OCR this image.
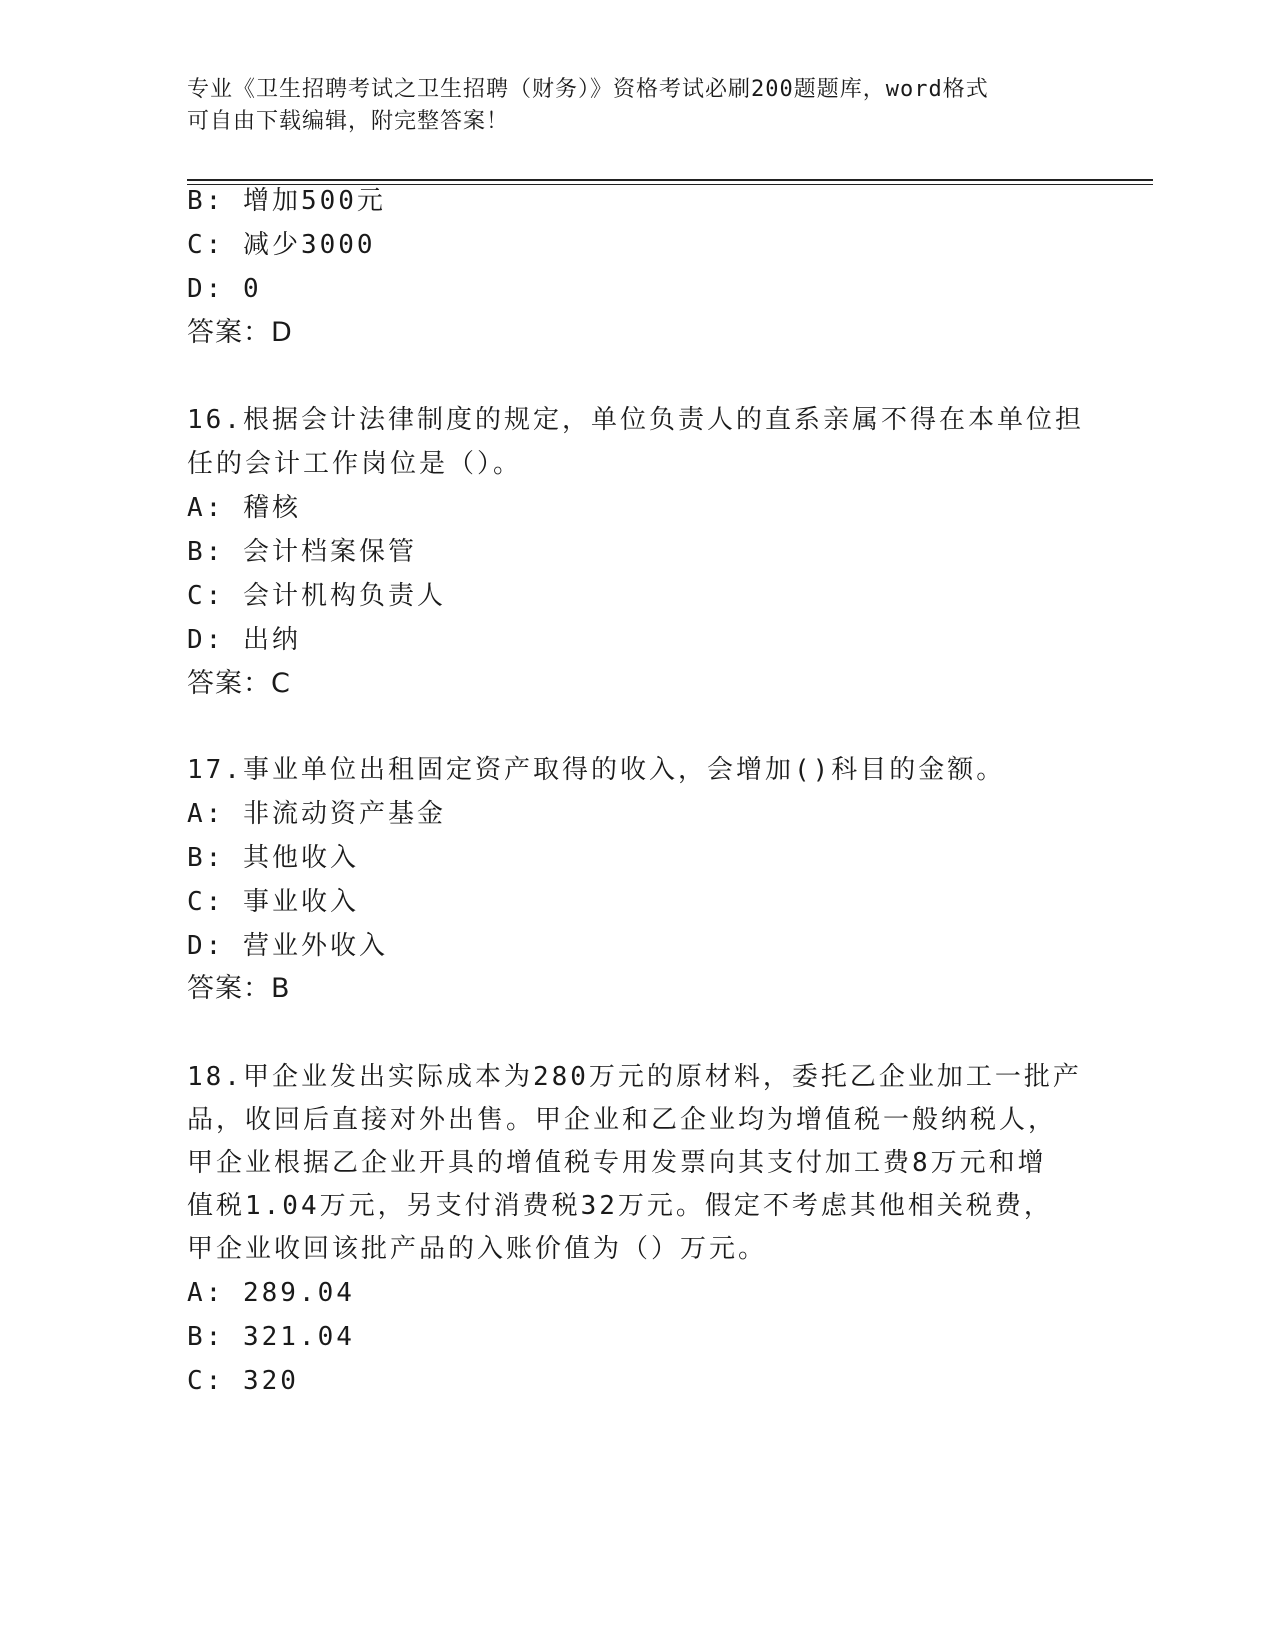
专业《卫生招聘考试之卫生招聘（财务）》资格考试必刷200题题库，word格式
可自由下载编辑，附完整答案！
B: 增加500元
C: 减少3000
D: 0
答案：D
16.根据会计法律制度的规定，单位负责人的直系亲属不得在本单位担
任的会计工作岗位是（）。
A: 稽核
B: 会计档案保管
C: 会计机构负责人
D: 出纳
答案：C
17.事业单位出租固定资产取得的收入，会增加()科目的金额。
A: 非流动资产基金
B: 其他收入
C: 事业收入
D: 营业外收入
答案：B
18.甲企业发出实际成本为280万元的原材料，委托乙企业加工一批产
品，收回后直接对外出售。甲企业和乙企业均为增值税一般纳税人，
甲企业根据乙企业开具的增值税专用发票向其支付加工费8万元和增
值税1.04万元，另支付消费税32万元。假定不考虑其他相关税费，
甲企业收回该批产品的入账价值为（）万元。
A: 289.04
B: 321.04
C: 320
